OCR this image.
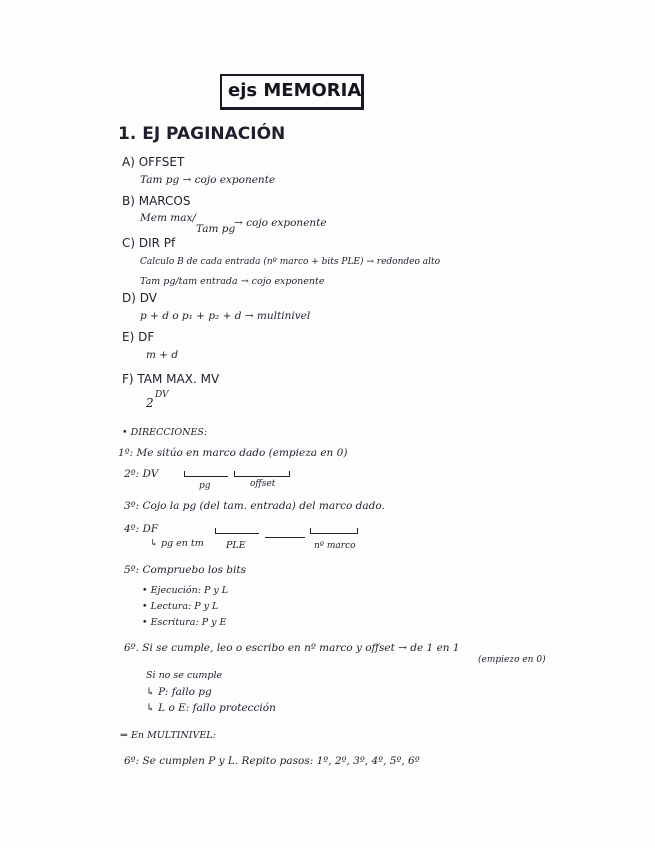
ejs MEMORIA
1. EJ PAGINACIÓN
A) OFFSET
Tam pg → cojo exponente
B) MARCOS
Mem max/
Tam pg
→ cojo exponente
C) DIR Pf
Calculo B de cada entrada (nº marco + bits PLE) → redondeo alto
Tam pg/tam entrada → cojo exponente
D) DV
p + d o p₁ + p₂ + d → multinivel
E) DF
m + d
F) TAM MAX. MV
2
DV
• DIRECCIONES:
1º: Me sitúo en marco dado (empieza en 0)
2º: DV
pg	offset
3º: Cojo la pg (del tam. entrada) del marco dado.
4º: DF
↳ pg en tm PLE	nº marco
5º: Compruebo los bits
• Ejecución: P y L
• Lectura: P y L
• Escritura: P y E
6º. Si se cumple, leo o escribo en nº marco y offset → de 1 en 1
(empiezo en 0)
Si no se cumple
↳ P: fallo pg
↳ L o E: fallo protección
⇒ En MULTINIVEL:
6º: Se cumplen P y L. Repito pasos: 1º, 2º, 3º, 4º, 5º, 6º
